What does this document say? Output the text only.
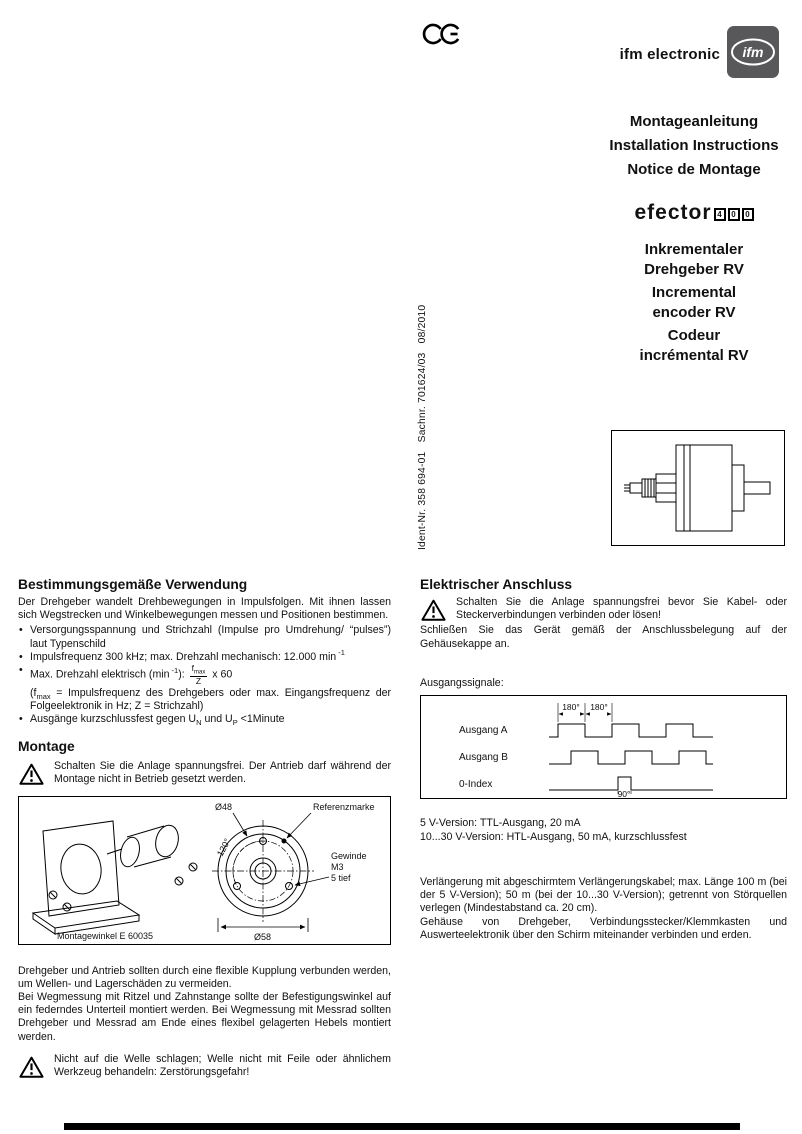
ifm electronic ifm
Montageanleitung
Installation Instructions
Notice de Montage
efector 4 0 0
Inkrementaler
Drehgeber RV
Incremental
encoder RV
Codeur
incrémental RV
Ident-Nr. 358 694-01   Sachnr. 701624/03   08/2010
Bestimmungsgemäße Verwendung

Der Drehgeber wandelt Drehbewegungen in Impulsfolgen. Mit ihnen lassen sich Wegstrecken und Winkelbewegungen messen und Positionen bestimmen.

• Versorgungsspannung und Strichzahl (Impulse pro Umdrehung/ “pulses”) laut Typenschild
• Impulsfrequenz 300 kHz; max. Drehzahl mechanisch: 12.000 min $^{-1}$
• Max. Drehzahl elektrisch (min $^{-1}$): $\frac{f_{max}}{Z}$ x 60
($f_{max}$ = Impulsfrequenz des Drehgebers oder max. Eingangsfrequenz der Folgeelektronik in Hz; Z = Strichzahl)
• Ausgänge kurzschlussfest gegen $U_N$ und $U_P$ <1Minute
Montage
Schalten Sie die Anlage spannungsfrei. Der Antrieb darf während der Montage nicht in Betrieb gesetzt werden.
Ø48	Referenzmarke
Gewinde
M3
5 tief
120°
Ø58
Montagewinkel E 60035

Drehgeber und Antrieb sollten durch eine flexible Kupplung verbunden werden, um Wellen- und Lagerschäden zu vermeiden.

Bei Wegmessung mit Ritzel und Zahnstange sollte der Befestigungswinkel auf ein federndes Unterteil montiert werden. Bei Wegmessung mit Messrad sollten Drehgeber und Messrad am Ende eines flexibel gelagerten Hebels montiert werden.

Nicht auf die Welle schlagen; Welle nicht mit Feile oder ähnlichem Werkzeug behandeln: Zerstörungsgefahr!
Elektrischer Anschluss
Schalten Sie die Anlage spannungsfrei bevor Sie Kabel- oder Steckerverbindungen verbinden oder lösen!

Schließen Sie das Gerät gemäß der Anschlussbelegung auf der Gehäusekappe an.

Ausgangssignale:

Ausgang A
Ausgang B
0-Index
180° 180°
90°
5 V-Version: TTL-Ausgang, 20 mA
10...30 V-Version: HTL-Ausgang, 50 mA, kurzschlussfest

Verlängerung mit abgeschirmtem Verlängerungskabel; max. Länge 100 m (bei der 5 V-Version); 50 m (bei der 10...30 V-Version); getrennt von Störquellen verlegen (Mindestabstand ca. 20 cm).

Gehäuse von Drehgeber, Verbindungsstecker/Klemmkasten und Auswerteelektronik über den Schirm miteinander verbinden und erden.
